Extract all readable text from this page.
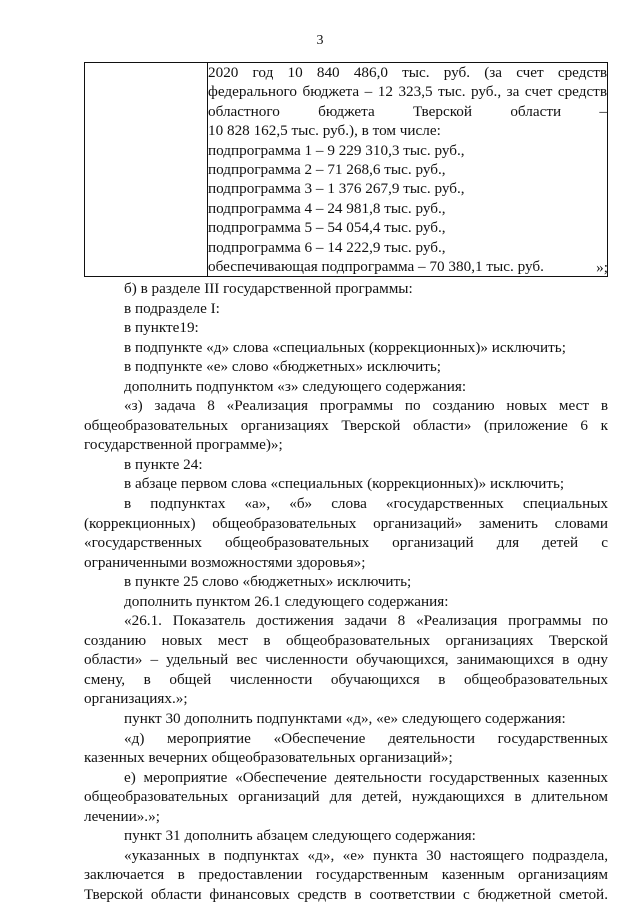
3

2020 год 10 840 486,0 тыс. руб. (за счет средств
федерального бюджета – 12 323,5 тыс. руб., за счет средств
областного бюджета Тверской области –
10 828 162,5 тыс. руб.), в том числе:
подпрограмма 1 – 9 229 310,3 тыс. руб.,
подпрограмма 2 – 71 268,6 тыс. руб.,
подпрограмма 3 – 1 376 267,9 тыс. руб.,
подпрограмма 4 – 24 981,8 тыс. руб.,
подпрограмма 5 – 54 054,4 тыс. руб.,
подпрограмма 6 – 14 222,9 тыс. руб.,
обеспечивающая подпрограмма – 70 380,1 тыс. руб.	»;
б) в разделе III государственной программы:
в подразделе I:
в пункте19:
в подпункте «д» слова «специальных (коррекционных)» исключить;
в подпункте «е» слово «бюджетных» исключить;
дополнить подпунктом «з» следующего содержания:
«з) задача 8 «Реализация программы по созданию новых мест в
общеобразовательных организациях Тверской области» (приложение 6 к
государственной программе)»;
в пункте 24:
в абзаце первом слова «специальных (коррекционных)» исключить;
в подпунктах «а», «б» слова «государственных специальных
(коррекционных) общеобразовательных организаций» заменить словами
«государственных общеобразовательных организаций для детей с
ограниченными возможностями здоровья»;
в пункте 25 слово «бюджетных» исключить;
дополнить пунктом 26.1 следующего содержания:
«26.1. Показатель достижения задачи 8 «Реализация программы по
созданию новых мест в общеобразовательных организациях Тверской
области» – удельный вес численности обучающихся, занимающихся в одну
смену, в общей численности обучающихся в общеобразовательных
организациях.»;
пункт 30 дополнить подпунктами «д», «е» следующего содержания:
«д) мероприятие «Обеспечение деятельности государственных
казенных вечерних общеобразовательных организаций»;
е) мероприятие «Обеспечение деятельности государственных казенных
общеобразовательных организаций для детей, нуждающихся в длительном
лечении».»;
пункт 31 дополнить абзацем следующего содержания:
«указанных в подпунктах «д», «е» пункта 30 настоящего подраздела,
заключается в предоставлении государственным казенным организациям
Тверской области финансовых средств в соответствии с бюджетной сметой.
